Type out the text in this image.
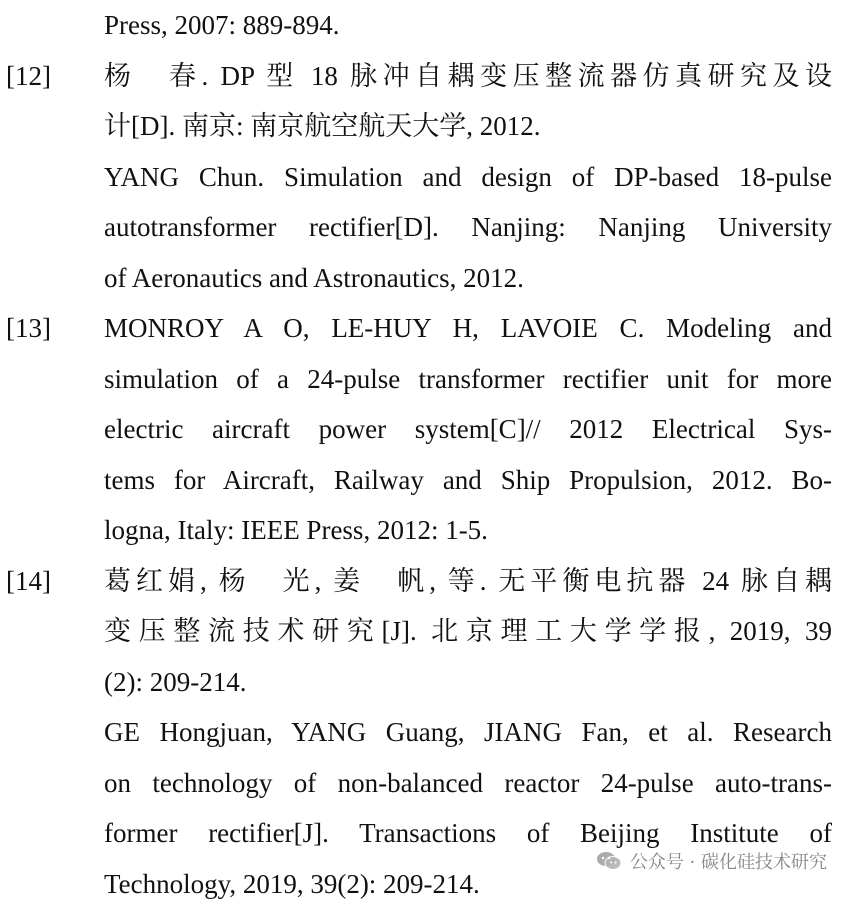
Press, 2007: 889-894.
[12]	杨　春. DP 型 18 脉冲自耦变压整流器仿真研究及设
计[D]. 南京: 南京航空航天大学, 2012.
YANG Chun. Simulation and design of DP-based 18-pulse
autotransformer rectifier[D]. Nanjing: Nanjing University
of Aeronautics and Astronautics, 2012.
[13]	MONROY A O, LE-HUY H, LAVOIE C. Modeling and
simulation of a 24-pulse transformer rectifier unit for more
electric aircraft power system[C]// 2012 Electrical Sys-
tems for Aircraft, Railway and Ship Propulsion, 2012. Bo-
logna, Italy: IEEE Press, 2012: 1-5.
[14]	葛红娟, 杨　光, 姜　帆, 等. 无平衡电抗器 24 脉自耦
变压整流技术研究[J]. 北京理工大学学报, 2019, 39
(2): 209-214.
GE Hongjuan, YANG Guang, JIANG Fan, et al. Research
on technology of non-balanced reactor 24-pulse auto-trans-
former rectifier[J]. Transactions of Beijing Institute of
Technology, 2019, 39(2): 209-214.
公众号 · 碳化硅技术研究
